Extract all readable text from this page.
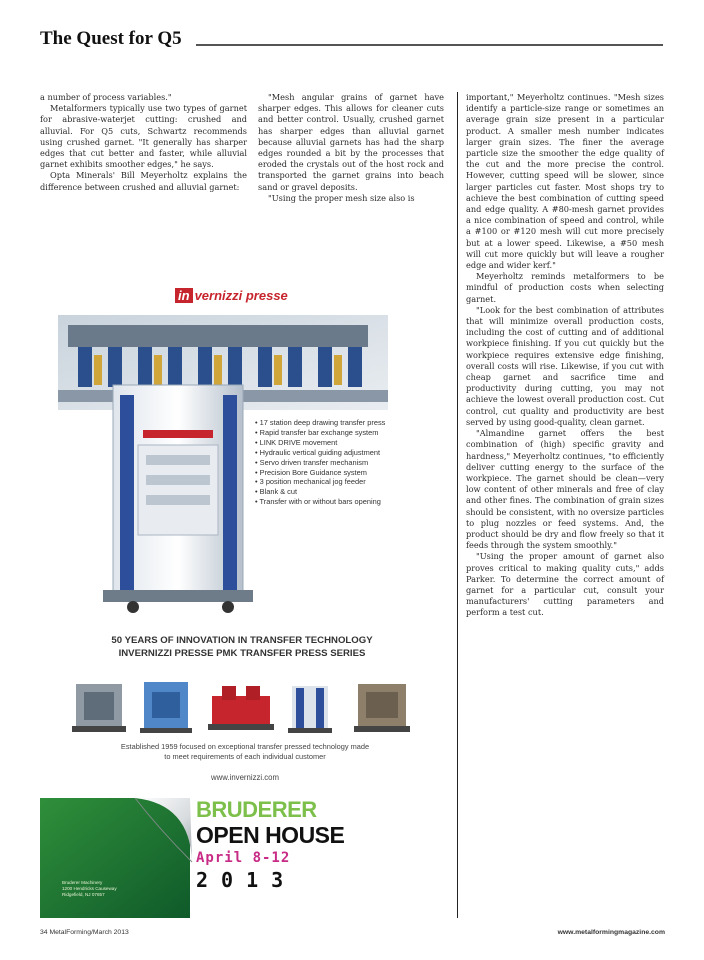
The Quest for Q5

a number of process variables."

Metalformers typically use two types of garnet for abrasive-waterjet cutting: crushed and alluvial. For Q5 cuts, Schwartz recommends using crushed garnet. "It generally has sharper edges that cut better and faster, while alluvial garnet exhibits smoother edges," he says.

Opta Minerals' Bill Meyerholtz explains the difference between crushed and alluvial garnet:

"Mesh angular grains of garnet have sharper edges. This allows for cleaner cuts and better control. Usually, crushed garnet has sharper edges than alluvial garnet because alluvial garnets has had the sharp edges rounded a bit by the processes that eroded the crystals out of the host rock and transported the garnet grains into beach sand or gravel deposits.

"Using the proper mesh size also is

important," Meyerholtz continues. "Mesh sizes identify a particle-size range or sometimes an average grain size present in a particular product. A smaller mesh number indicates larger grain sizes. The finer the average particle size the smoother the edge quality of the cut and the more precise the control. However, cutting speed will be slower, since larger particles cut faster. Most shops try to achieve the best combination of cutting speed and edge quality. A #80-mesh garnet provides a nice combination of speed and control, while a #100 or #120 mesh will cut more precisely but at a lower speed. Likewise, a #50 mesh will cut more quickly but will leave a rougher edge and wider kerf."

Meyerholtz reminds metalformers to be mindful of production costs when selecting garnet.

"Look for the best combination of attributes that will minimize overall production costs, including the cost of cutting and of additional workpiece finishing. If you cut quickly but the workpiece requires extensive edge finishing, overall costs will rise. Likewise, if you cut with cheap garnet and sacrifice time and productivity during cutting, you may not achieve the lowest overall production cost. Cut control, cut quality and productivity are best served by using good-quality, clean garnet.

"Almandine garnet offers the best combination of (high) specific gravity and hardness," Meyerholtz continues, "to efficiently deliver cutting energy to the surface of the workpiece. The garnet should be clean—very low content of other minerals and free of clay and other fines. The combination of grain sizes should be consistent, with no oversize particles to plug nozzles or feed systems. And, the product should be dry and flow freely so that it feeds through the system smoothly."

"Using the proper amount of garnet also proves critical to making quality cuts," adds Parker. To determine the correct amount of garnet for a particular cut, consult your manufacturers' cutting parameters and perform a test cut.

in vernizzi presse
• 17 station deep drawing transfer press
• Rapid transfer bar exchange system
• LINK DRIVE movement
• Hydraulic vertical guiding adjustment
• Servo driven transfer mechanism
• Precision Bore Guidance system
• 3 position mechanical jog feeder
• Blank & cut
• Transfer with or without bars opening
50 YEARS OF INNOVATION IN TRANSFER TECHNOLOGY
INVERNIZZI PRESSE PMK TRANSFER PRESS SERIES
Established 1959 focused on exceptional transfer pressed technology made
to meet requirements of each individual customer
www.invernizzi.com
BRUDERER
OPEN HOUSE
April 8-12
2013
Bruderer Machinery
1200 Hendricks Causeway
Ridgefield, NJ 07657
34 MetalForming/March 2013	www.metalformingmagazine.com
